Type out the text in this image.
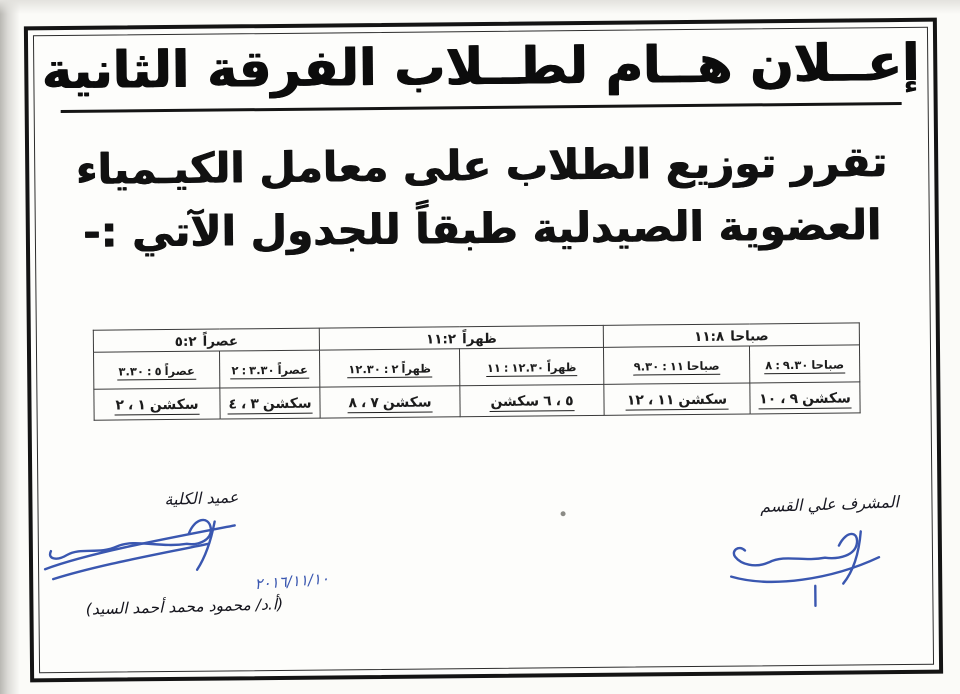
إعــلان هــام لطــلاب الفرقة الثانية
تقرر توزيع الطلاب على معامل الكيـمياء
العضوية الصيدلية طبقاً للجدول الآتي :-
٥:٢ عصراً		١١:٢ ظهراً		١١:٨ صباحا	

٣.٣٠ : ٥ عصراً	٢ : ٣.٣٠ عصراً	١٢.٣٠ : ٢ ظهراً	١١ : ١٢.٣٠ ظهراً	٩.٣٠ : ١١ صباحا	٨ : ٩.٣٠ صباحا

٢ ، ١ سكشن	٤ ، ٣ سكشن	٨ ، ٧ سكشن	سكشن ٦ ، ٥	١٢ ، ١١ سكشن	١٠ ، ٩ سكشن
عميد الكلية
٢٠١٦/١١/١٠
(أ.د/ محمود محمد أحمد السيد)
المشرف علي القسم
